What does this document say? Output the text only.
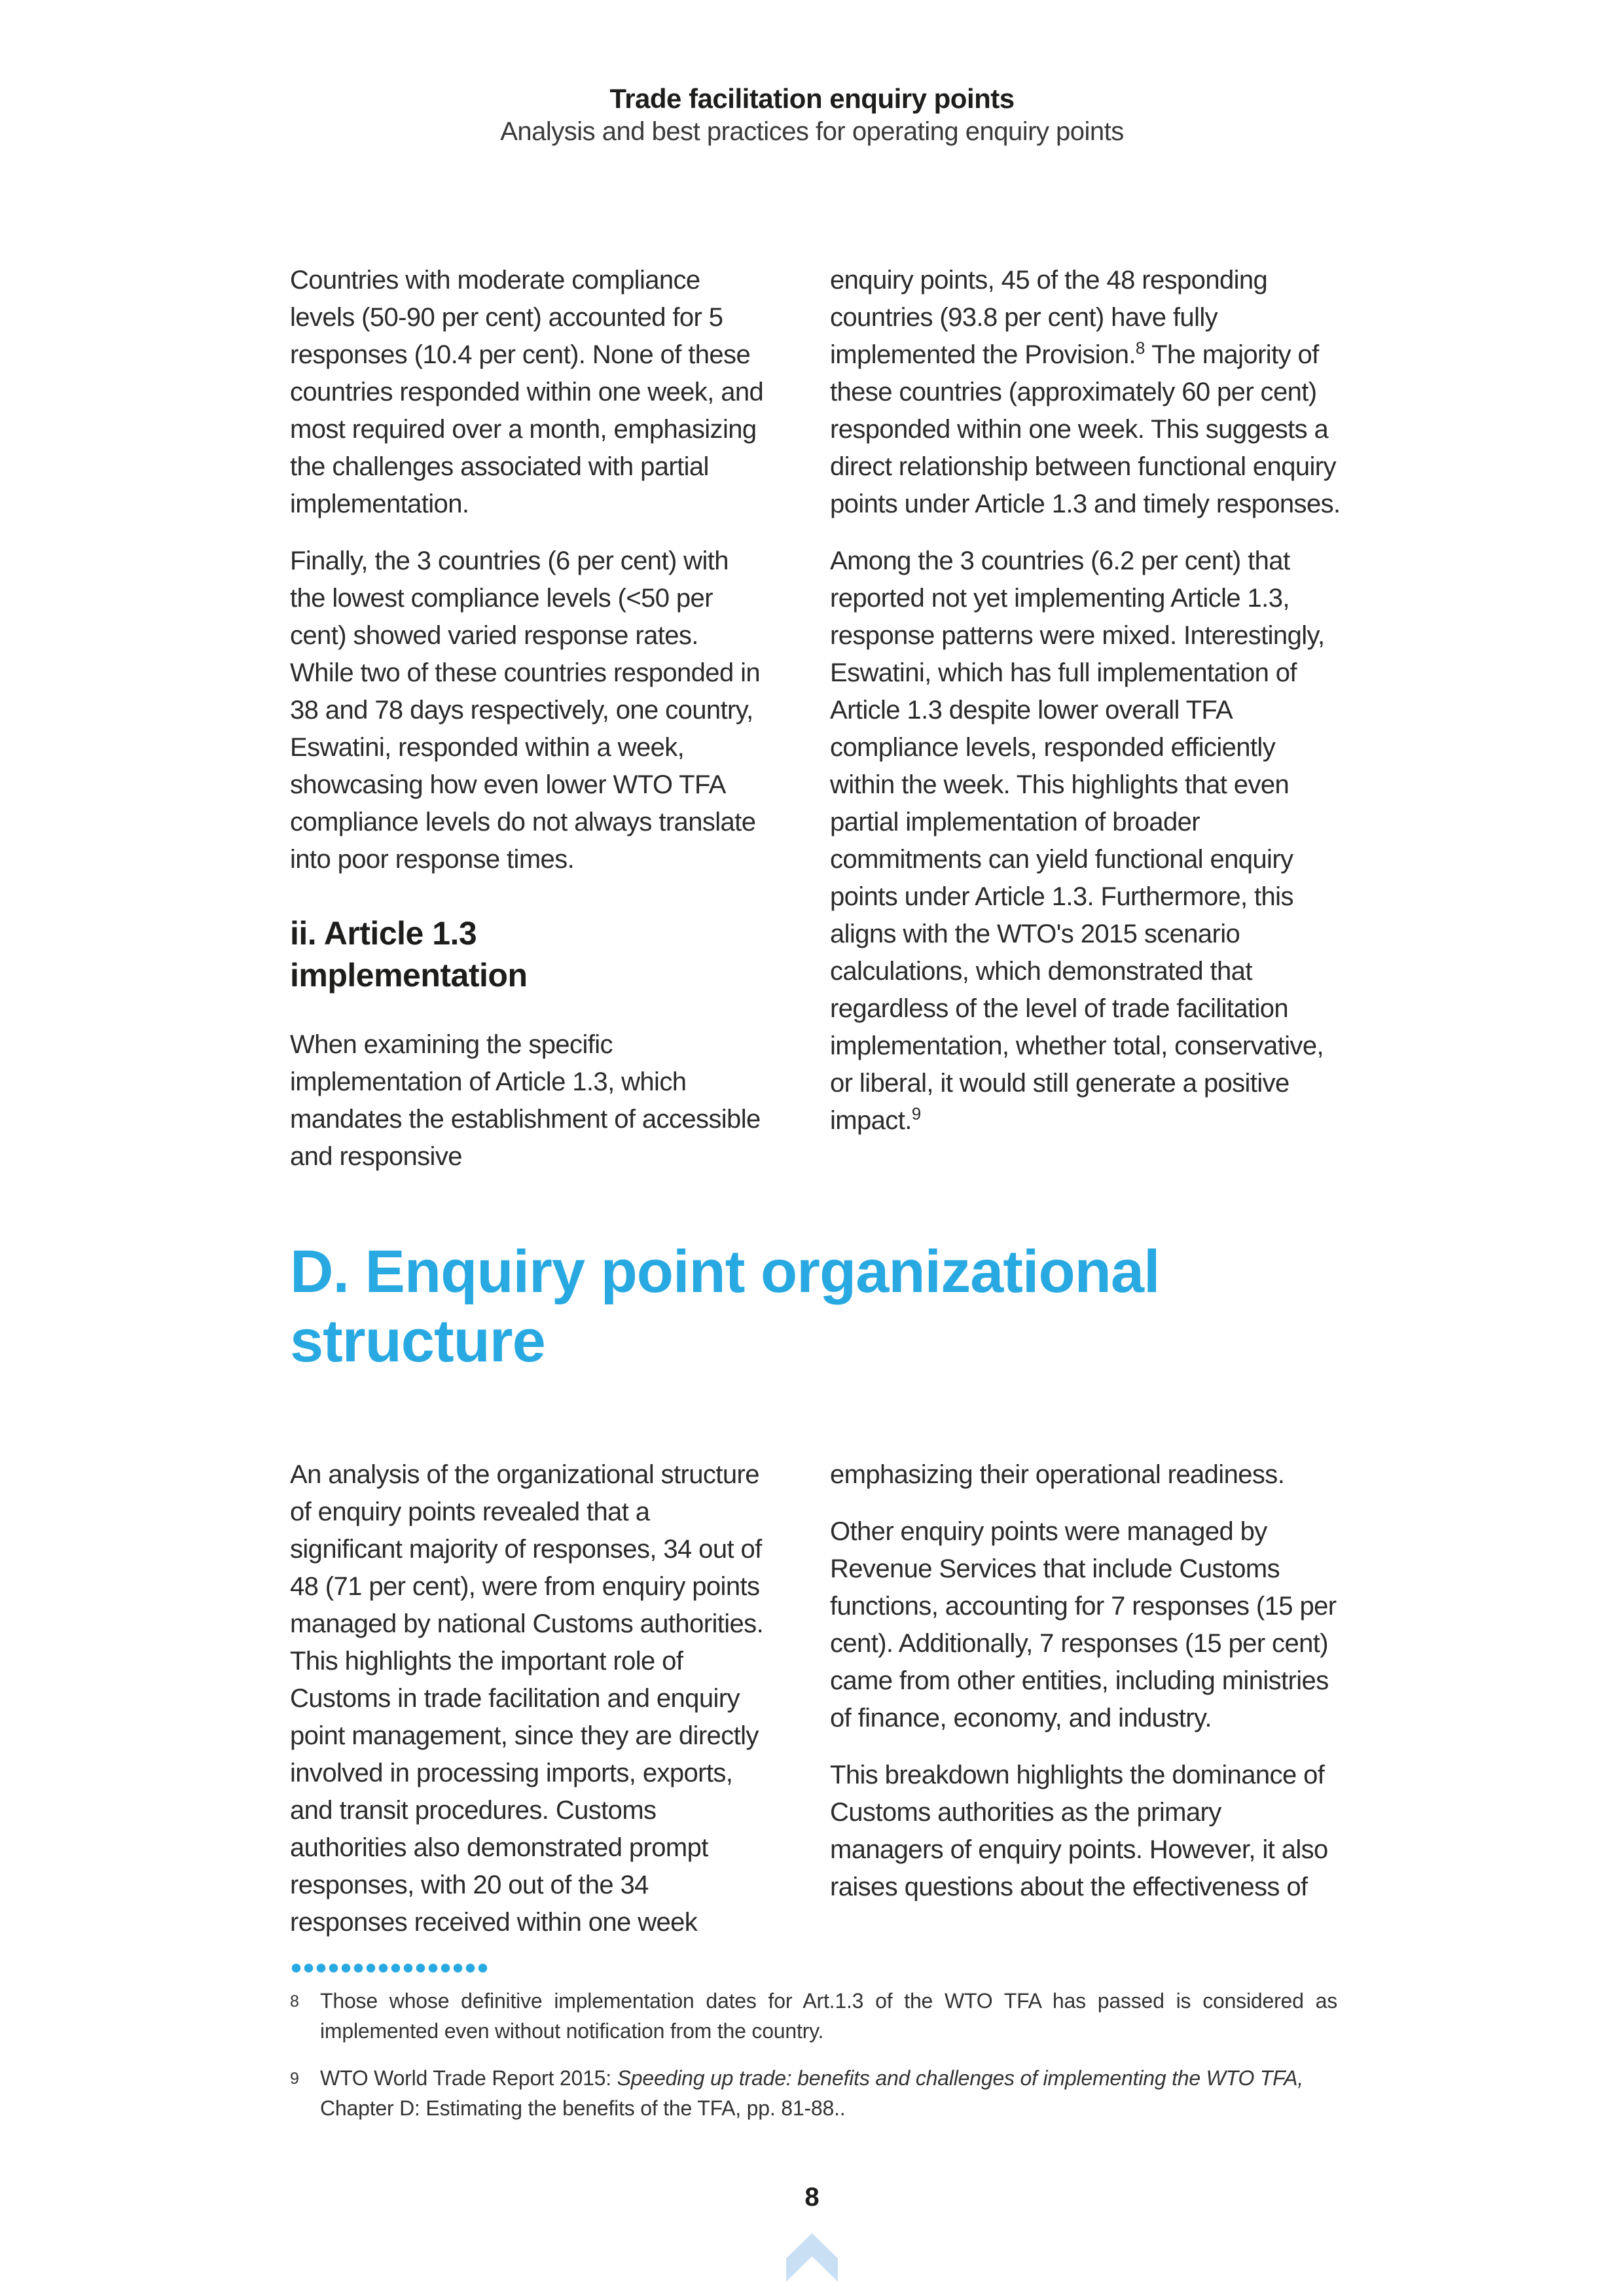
Trade facilitation enquiry points
Analysis and best practices for operating enquiry points

Countries with moderate compliance levels (50-90 per cent) accounted for 5 responses (10.4 per cent). None of these countries responded within one week, and most required over a month, emphasizing the challenges associated with partial implementation.

Finally, the 3 countries (6 per cent) with the lowest compliance levels (<50 per cent) showed varied response rates. While two of these countries responded in 38 and 78 days respectively, one country, Eswatini, responded within a week, showcasing how even lower WTO TFA compliance levels do not always translate into poor response times.

ii. Article 1.3
implementation

When examining the specific implementation of Article 1.3, which mandates the establishment of accessible and responsive

enquiry points, 45 of the 48 responding countries (93.8 per cent) have fully implemented the Provision.$^8$ The majority of these countries (approximately 60 per cent) responded within one week. This suggests a direct relationship between functional enquiry points under Article 1.3 and timely responses.

Among the 3 countries (6.2 per cent) that reported not yet implementing Article 1.3, response patterns were mixed. Interestingly, Eswatini, which has full implementation of Article 1.3 despite lower overall TFA compliance levels, responded efficiently within the week. This highlights that even partial implementation of broader commitments can yield functional enquiry points under Article 1.3. Furthermore, this aligns with the WTO's 2015 scenario calculations, which demonstrated that regardless of the level of trade facilitation implementation, whether total, conservative, or liberal, it would still generate a positive impact.$^9$

D. Enquiry point organizational
structure

An analysis of the organizational structure of enquiry points revealed that a significant majority of responses, 34 out of 48 (71 per cent), were from enquiry points managed by national Customs authorities. This highlights the important role of Customs in trade facilitation and enquiry point management, since they are directly involved in processing imports, exports, and transit procedures. Customs authorities also demonstrated prompt responses, with 20 out of the 34 responses received within one week

emphasizing their operational readiness.

Other enquiry points were managed by Revenue Services that include Customs functions, accounting for 7 responses (15 per cent). Additionally, 7 responses (15 per cent) came from other entities, including ministries of finance, economy, and industry.

This breakdown highlights the dominance of Customs authorities as the primary managers of enquiry points. However, it also raises questions about the effectiveness of

8	Those whose definitive implementation dates for Art.1.3 of the WTO TFA has passed is considered as implemented even without notification from the country.
9	WTO World Trade Report 2015: Speeding up trade: benefits and challenges of implementing the WTO TFA, Chapter D: Estimating the benefits of the TFA, pp. 81-88..
8
